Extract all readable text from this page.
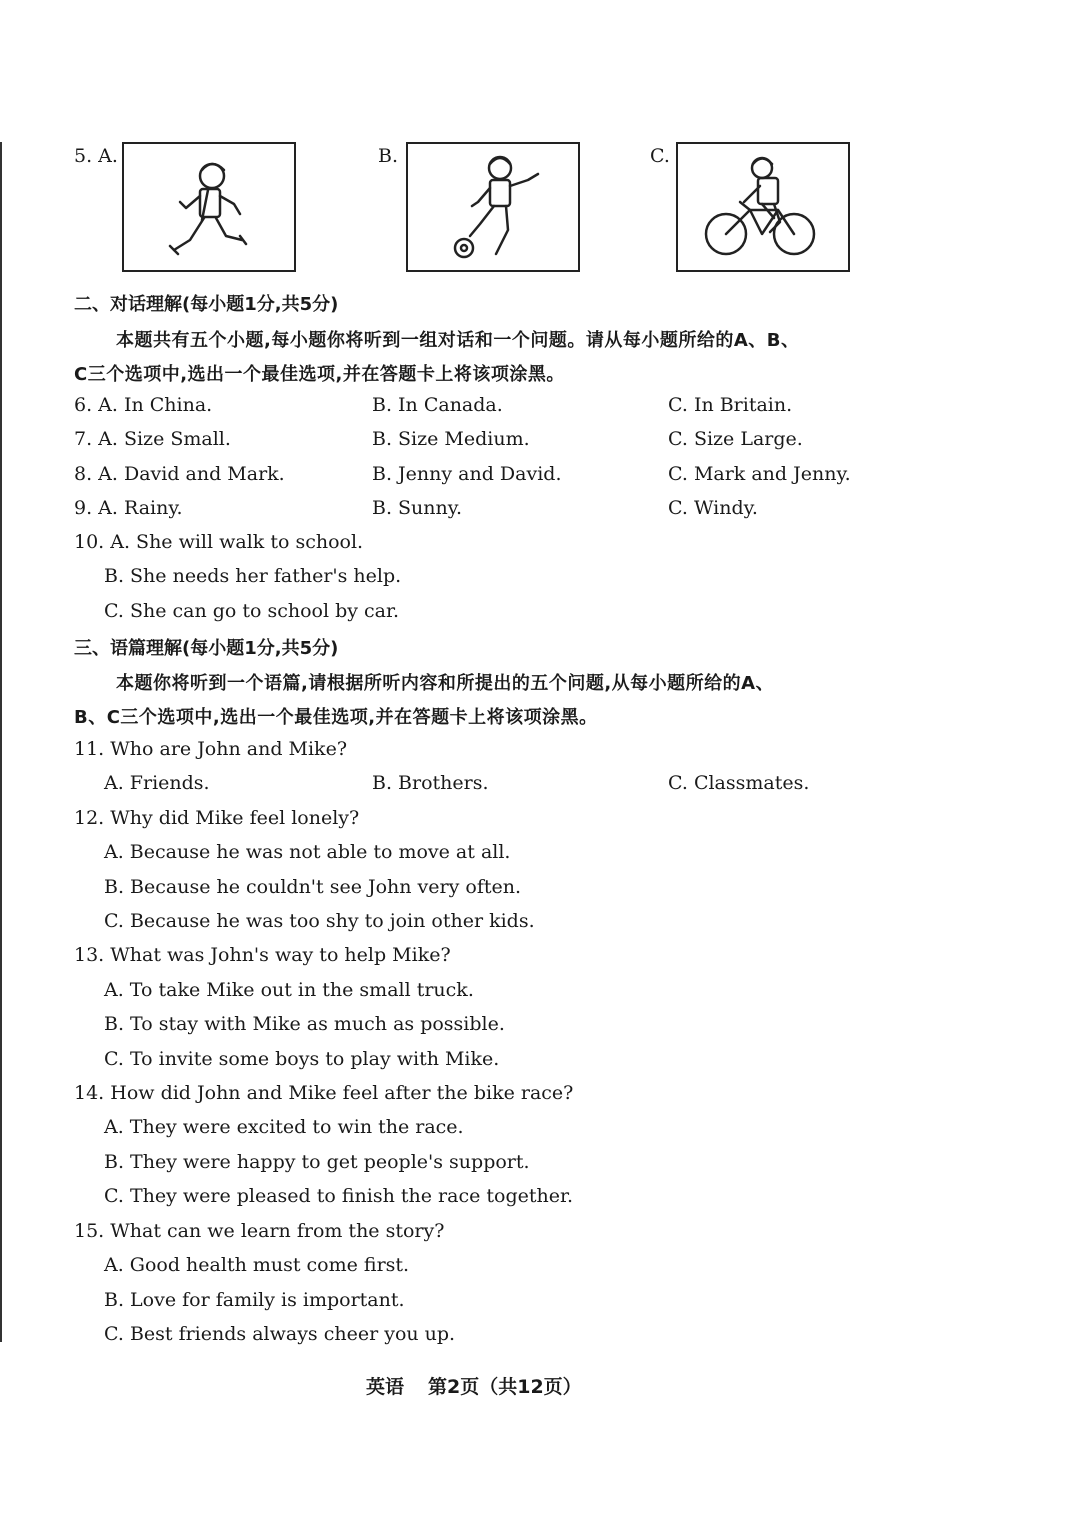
5. A.	B.	C.
二、对话理解(每小题1分,共5分)
本题共有五个小题,每小题你将听到一组对话和一个问题。请从每小题所给的A、B、
C三个选项中,选出一个最佳选项,并在答题卡上将该项涂黑。
6. A. In China.	B. In Canada.	C. In Britain.
7. A. Size Small.	B. Size Medium.	C. Size Large.
8. A. David and Mark.	B. Jenny and David.	C. Mark and Jenny.
9. A. Rainy.	B. Sunny.	C. Windy.
10. A. She will walk to school.
B. She needs her father's help.
C. She can go to school by car.
三、语篇理解(每小题1分,共5分)
本题你将听到一个语篇,请根据所听内容和所提出的五个问题,从每小题所给的A、
B、C三个选项中,选出一个最佳选项,并在答题卡上将该项涂黑。
11. Who are John and Mike?
A. Friends.	B. Brothers.	C. Classmates.
12. Why did Mike feel lonely?
A. Because he was not able to move at all.
B. Because he couldn't see John very often.
C. Because he was too shy to join other kids.
13. What was John's way to help Mike?
A. To take Mike out in the small truck.
B. To stay with Mike as much as possible.
C. To invite some boys to play with Mike.
14. How did John and Mike feel after the bike race?
A. They were excited to win the race.
B. They were happy to get people's support.
C. They were pleased to finish the race together.
15. What can we learn from the story?
A. Good health must come first.
B. Love for family is important.
C. Best friends always cheer you up.
英语 第2页（共12页）
